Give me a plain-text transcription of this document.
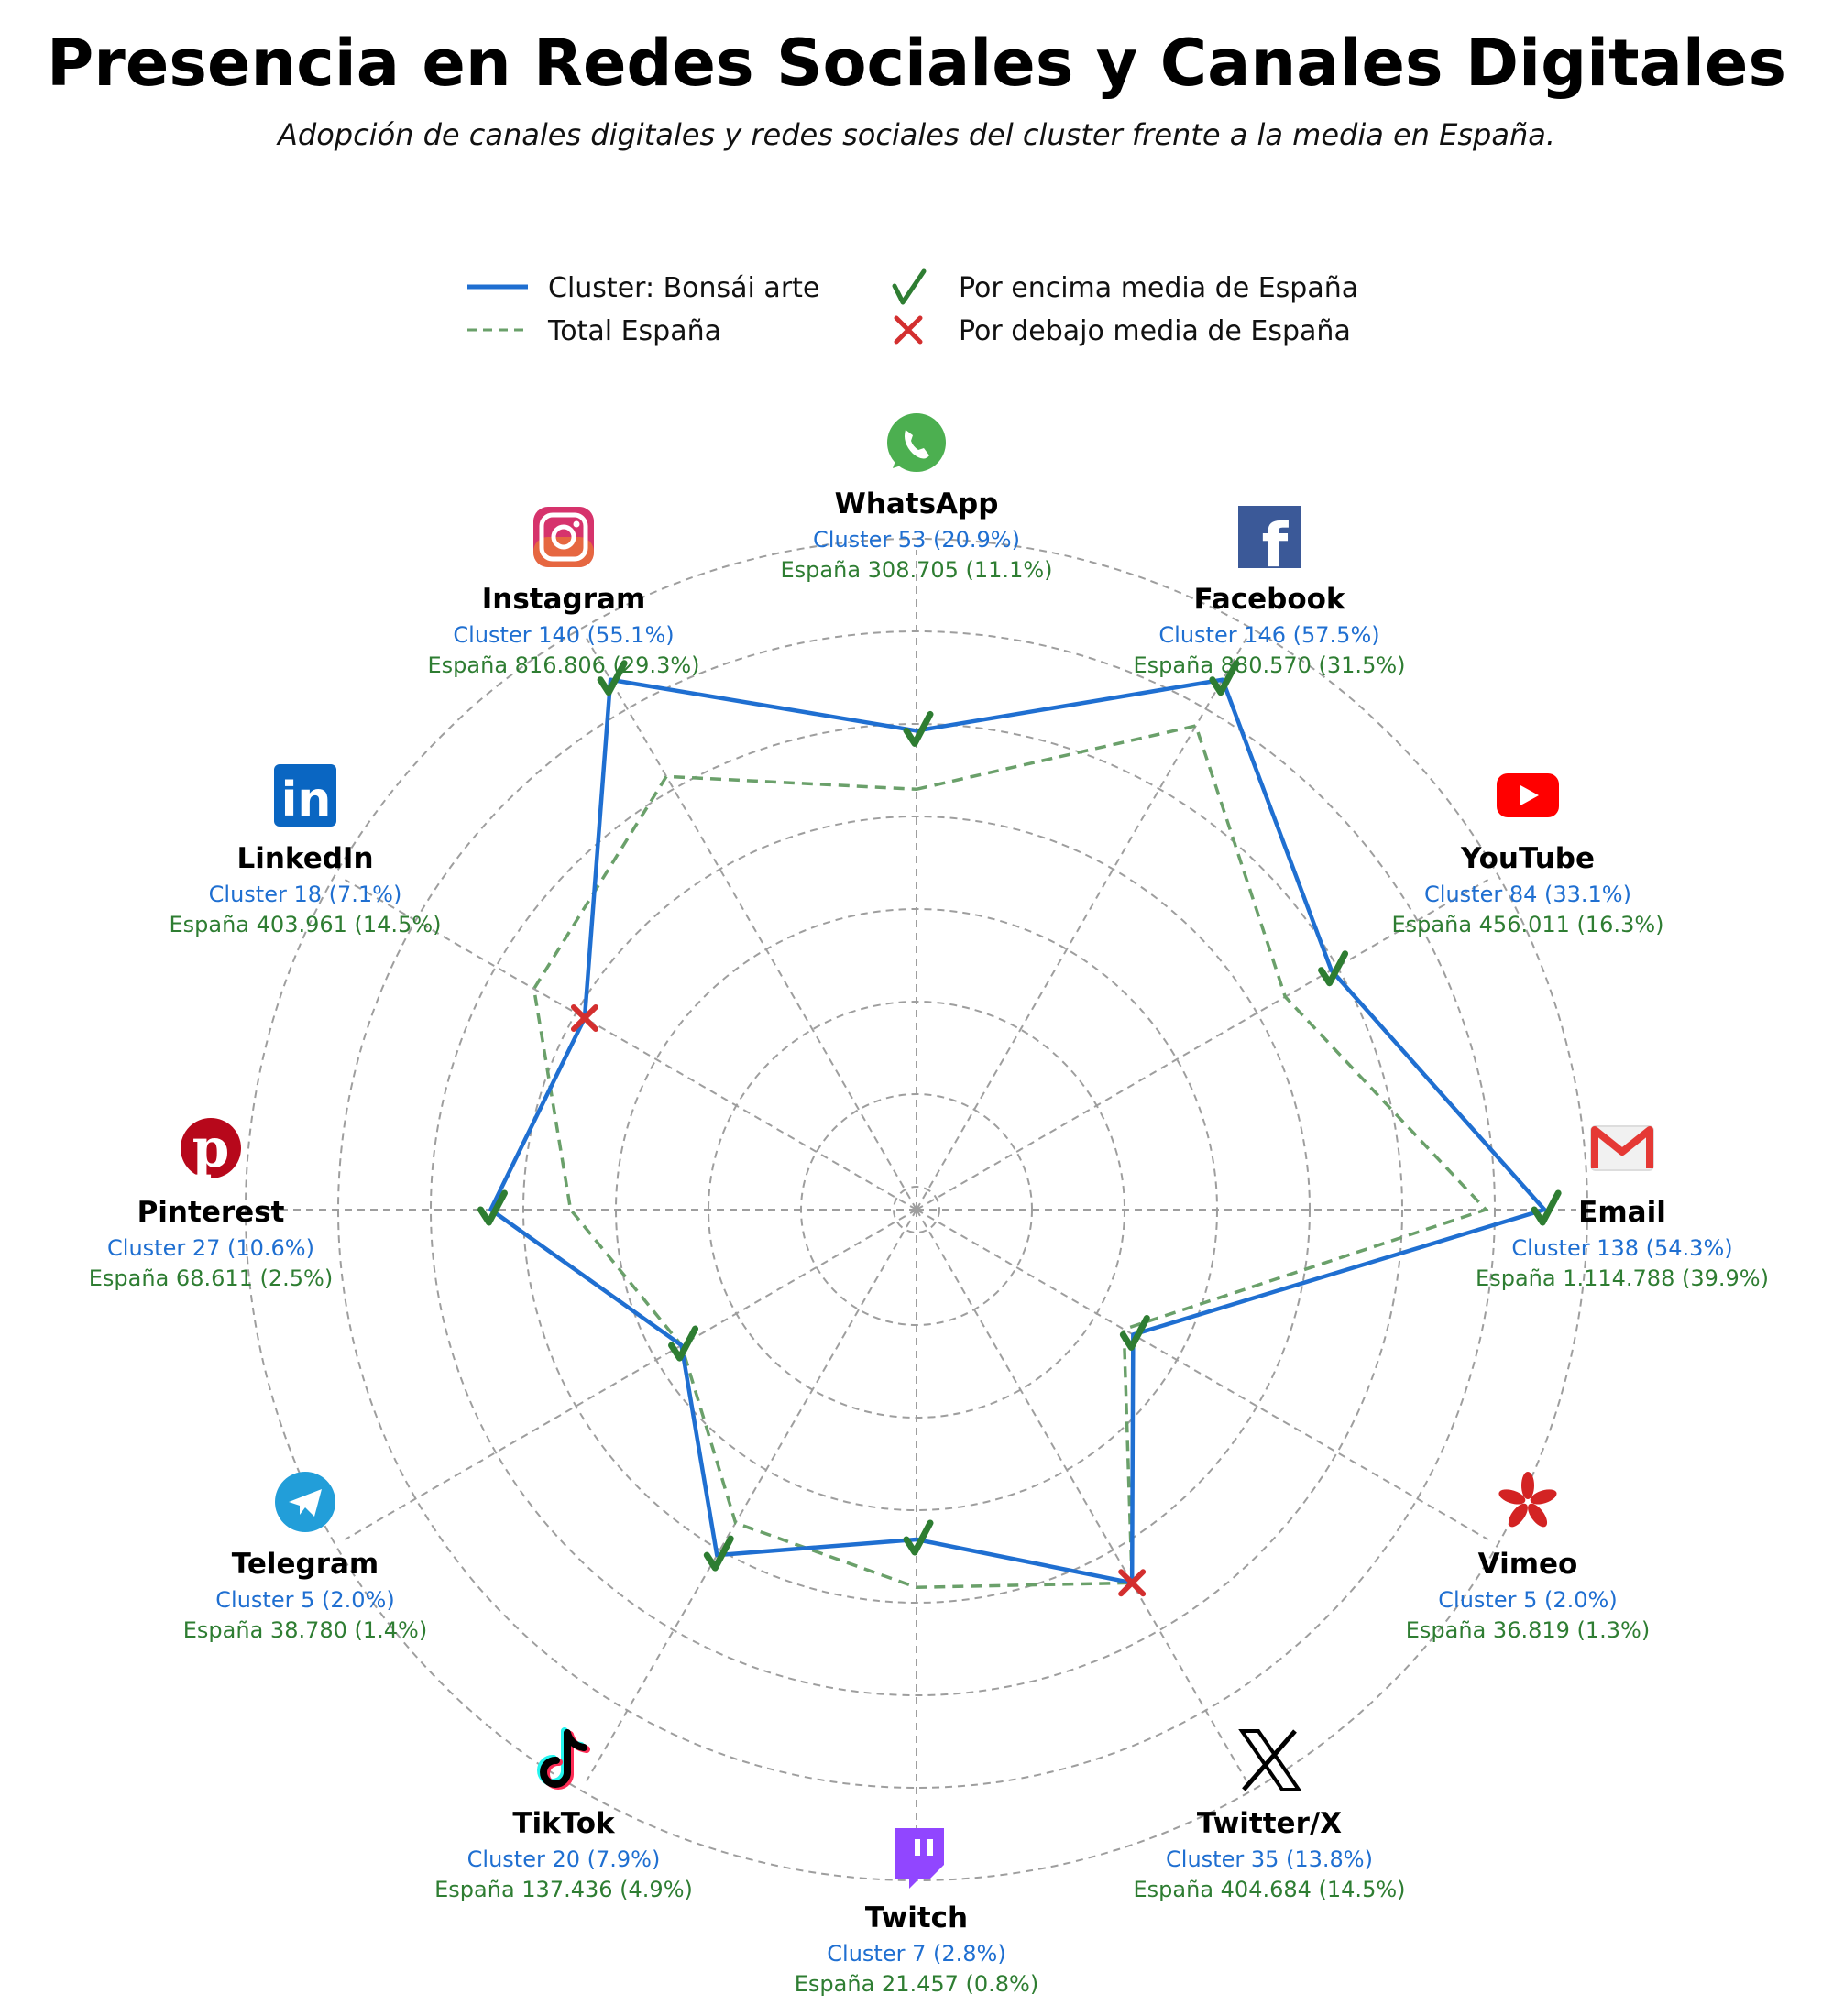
Presencia en Redes Sociales y Canales Digitales
Adopción de canales digitales y redes sociales del cluster frente a la media en España.
Cluster: Bonsái arte
Total España
Por encima media de España
Por debajo media de España
WhatsApp
Cluster 53 (20.9%)
España 308.705 (11.1%)
Facebook
Cluster 146 (57.5%)
España 880.570 (31.5%)
YouTube
Cluster 84 (33.1%)
España 456.011 (16.3%)
Email
Cluster 138 (54.3%)
España 1.114.788 (39.9%)
Vimeo
Cluster 5 (2.0%)
España 36.819 (1.3%)
Twitter/X
Cluster 35 (13.8%)
España 404.684 (14.5%)
Twitch
Cluster 7 (2.8%)
España 21.457 (0.8%)
TikTok
Cluster 20 (7.9%)
España 137.436 (4.9%)
Telegram
Cluster 5 (2.0%)
España 38.780 (1.4%)
Pinterest
Cluster 27 (10.6%)
España 68.611 (2.5%)
LinkedIn
Cluster 18 (7.1%)
España 403.961 (14.5%)
Instagram
Cluster 140 (55.1%)
España 816.806 (29.3%)
f
p
in
